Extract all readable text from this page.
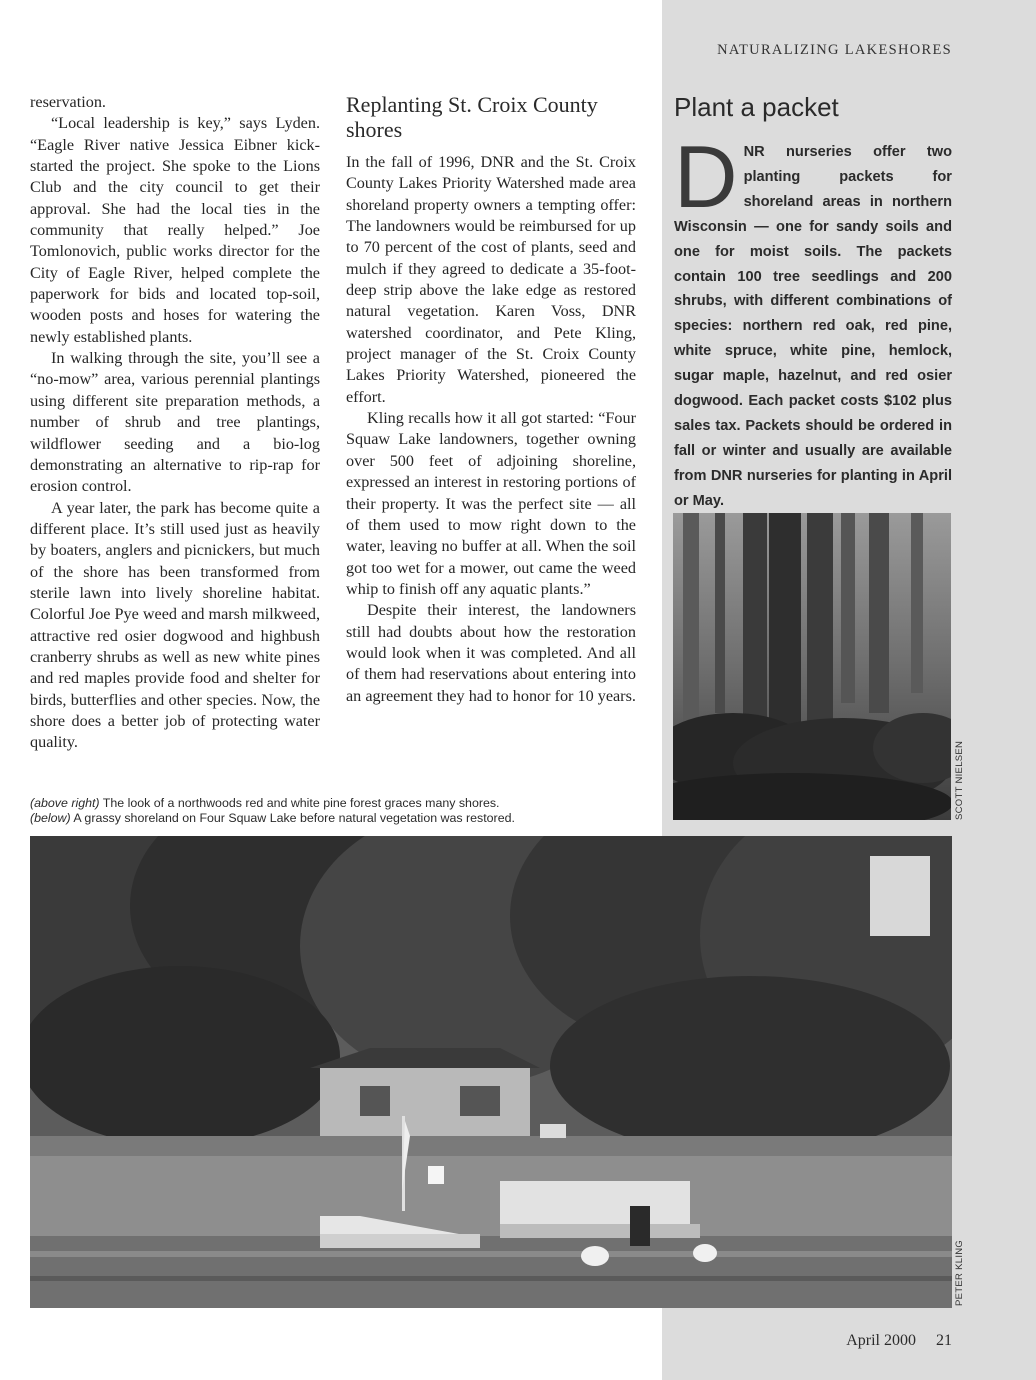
NATURALIZING LAKESHORES

reservation.

“Local leadership is key,” says Lyden. “Eagle River native Jessica Eibner kick-started the project. She spoke to the Lions Club and the city council to get their approval. She had the local ties in the community that really helped.” Joe Tomlonovich, public works director for the City of Eagle River, helped complete the paperwork for bids and located top-soil, wooden posts and hoses for watering the newly established plants.

In walking through the site, you’ll see a “no-mow” area, various perennial plantings using different site preparation methods, a number of shrub and tree plantings, wildflower seeding and a bio-log demonstrating an alternative to rip-rap for erosion control.

A year later, the park has become quite a different place. It’s still used just as heavily by boaters, anglers and picnickers, but much of the shore has been transformed from sterile lawn into lively shoreline habitat. Colorful Joe Pye weed and marsh milkweed, attractive red osier dogwood and highbush cranberry shrubs as well as new white pines and red maples provide food and shelter for birds, butterflies and other species. Now, the shore does a better job of protecting water quality.

Replanting St. Croix County shores

In the fall of 1996, DNR and the St. Croix County Lakes Priority Watershed made area shoreland property owners a tempting offer: The landowners would be reimbursed for up to 70 percent of the cost of plants, seed and mulch if they agreed to dedicate a 35-foot-deep strip above the lake edge as restored natural vegetation. Karen Voss, DNR watershed coordinator, and Pete Kling, project manager of the St. Croix County Lakes Priority Watershed, pioneered the effort.

Kling recalls how it all got started: “Four Squaw Lake landowners, together owning over 500 feet of adjoining shoreline, expressed an interest in restoring portions of their property. It was the perfect site — all of them used to mow right down to the water, leaving no buffer at all. When the soil got too wet for a mower, out came the weed whip to finish off any aquatic plants.”

Despite their interest, the landowners still had doubts about how the restoration would look when it was completed. And all of them had reservations about entering into an agreement they had to honor for 10 years.

Plant a packet
D NR nurseries offer two planting packets for shoreland areas in northern Wisconsin — one for sandy soils and one for moist soils. The packets contain 100 tree seedlings and 200 shrubs, with different combinations of species: northern red oak, red pine, white spruce, white pine, hemlock, sugar maple, hazelnut, and red osier dogwood. Each packet costs $102 plus sales tax. Packets should be ordered in fall or winter and usually are available from DNR nurseries for planting in April or May.
SCOTT NIELSEN
(above right) The look of a northwoods red and white pine forest graces many shores.
(below) A grassy shoreland on Four Squaw Lake before natural vegetation was restored.
PETER KLING
April 2000 21
